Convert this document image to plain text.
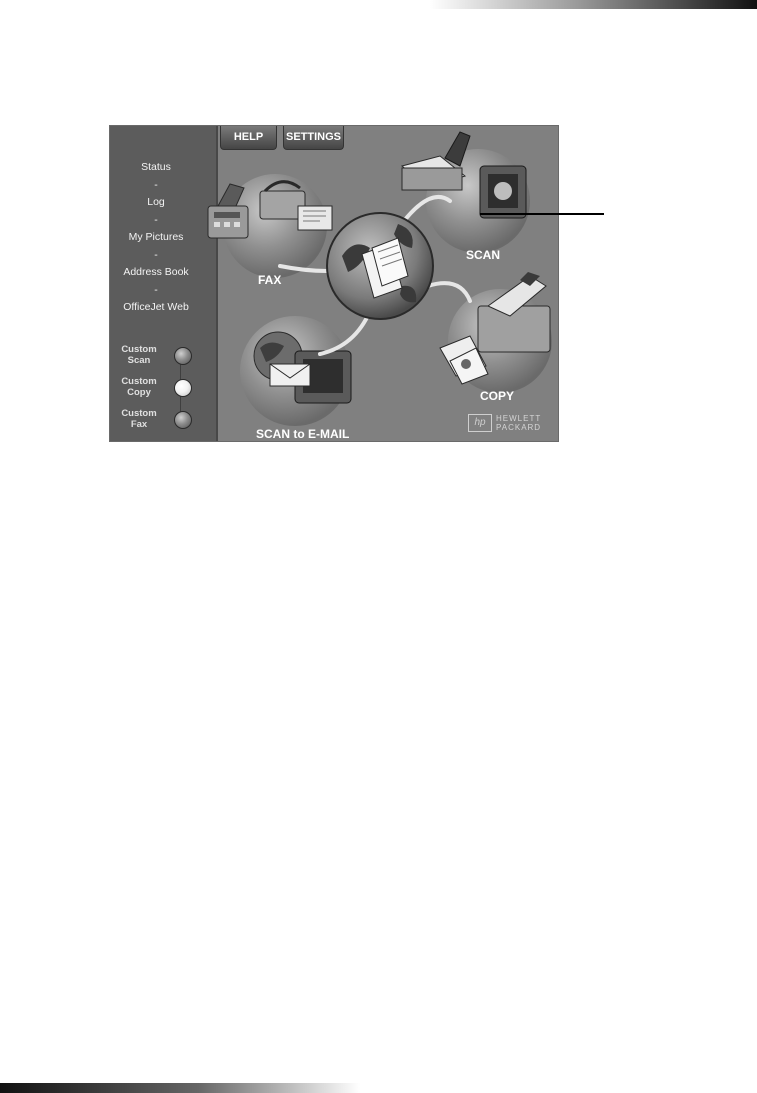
Status
-
Log
-
My Pictures
-
Address Book
-
OfficeJet Web
Custom
Scan
Custom
Copy
Custom
Fax
HELP	SETTINGS
FAX
SCAN
COPY
SCAN to E-MAIL
hp	HEWLETT
PACKARD
